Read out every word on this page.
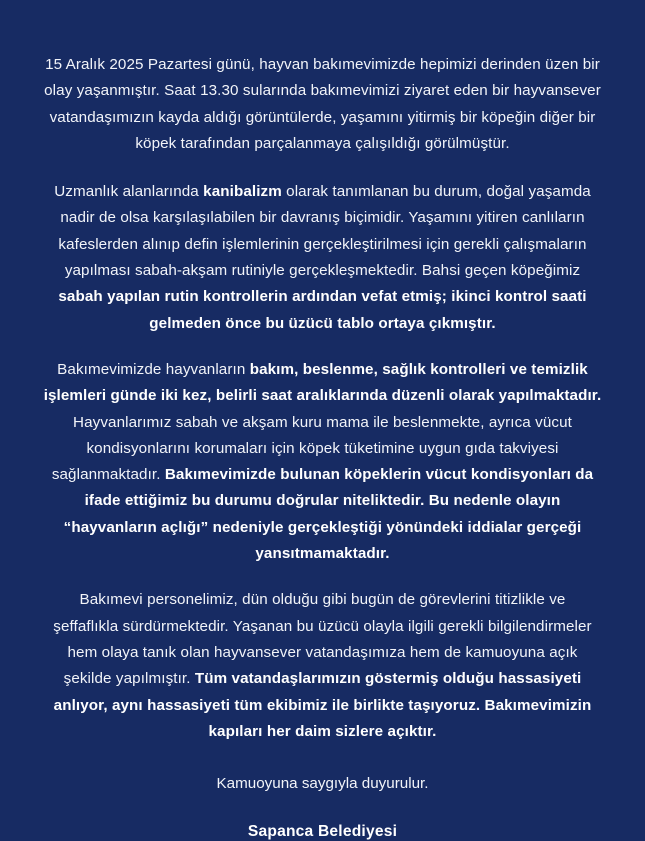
15 Aralık 2025 Pazartesi günü, hayvan bakımevimizde hepimizi derinden üzen bir olay yaşanmıştır. Saat 13.30 sularında bakımevimizi ziyaret eden bir hayvansever vatandaşımızın kayda aldığı görüntülerde, yaşamını yitirmiş bir köpeğin diğer bir köpek tarafından parçalanmaya çalışıldığı görülmüştür.

Uzmanlık alanlarında kanibalizm olarak tanımlanan bu durum, doğal yaşamda nadir de olsa karşılaşılabilen bir davranış biçimidir. Yaşamını yitiren canlıların kafeslerden alınıp defin işlemlerinin gerçekleştirilmesi için gerekli çalışmaların yapılması sabah-akşam rutiniyle gerçekleşmektedir. Bahsi geçen köpeğimiz sabah yapılan rutin kontrollerin ardından vefat etmiş; ikinci kontrol saati gelmeden önce bu üzücü tablo ortaya çıkmıştır.

Bakımevimizde hayvanların bakım, beslenme, sağlık kontrolleri ve temizlik işlemleri günde iki kez, belirli saat aralıklarında düzenli olarak yapılmaktadır. Hayvanlarımız sabah ve akşam kuru mama ile beslenmekte, ayrıca vücut kondisyonlarını korumaları için köpek tüketimine uygun gıda takviyesi sağlanmaktadır. Bakımevimizde bulunan köpeklerin vücut kondisyonları da ifade ettiğimiz bu durumu doğrular niteliktedir. Bu nedenle olayın “hayvanların açlığı” nedeniyle gerçekleştiği yönündeki iddialar gerçeği yansıtmamaktadır.

Bakımevi personelimiz, dün olduğu gibi bugün de görevlerini titizlikle ve şeffaflıkla sürdürmektedir. Yaşanan bu üzücü olayla ilgili gerekli bilgilendirmeler hem olaya tanık olan hayvansever vatandaşımıza hem de kamuoyuna açık şekilde yapılmıştır. Tüm vatandaşlarımızın göstermiş olduğu hassasiyeti anlıyor, aynı hassasiyeti tüm ekibimiz ile birlikte taşıyoruz. Bakımevimizin kapıları her daim sizlere açıktır.

Kamuoyuna saygıyla duyurulur.

Sapanca Belediyesi
